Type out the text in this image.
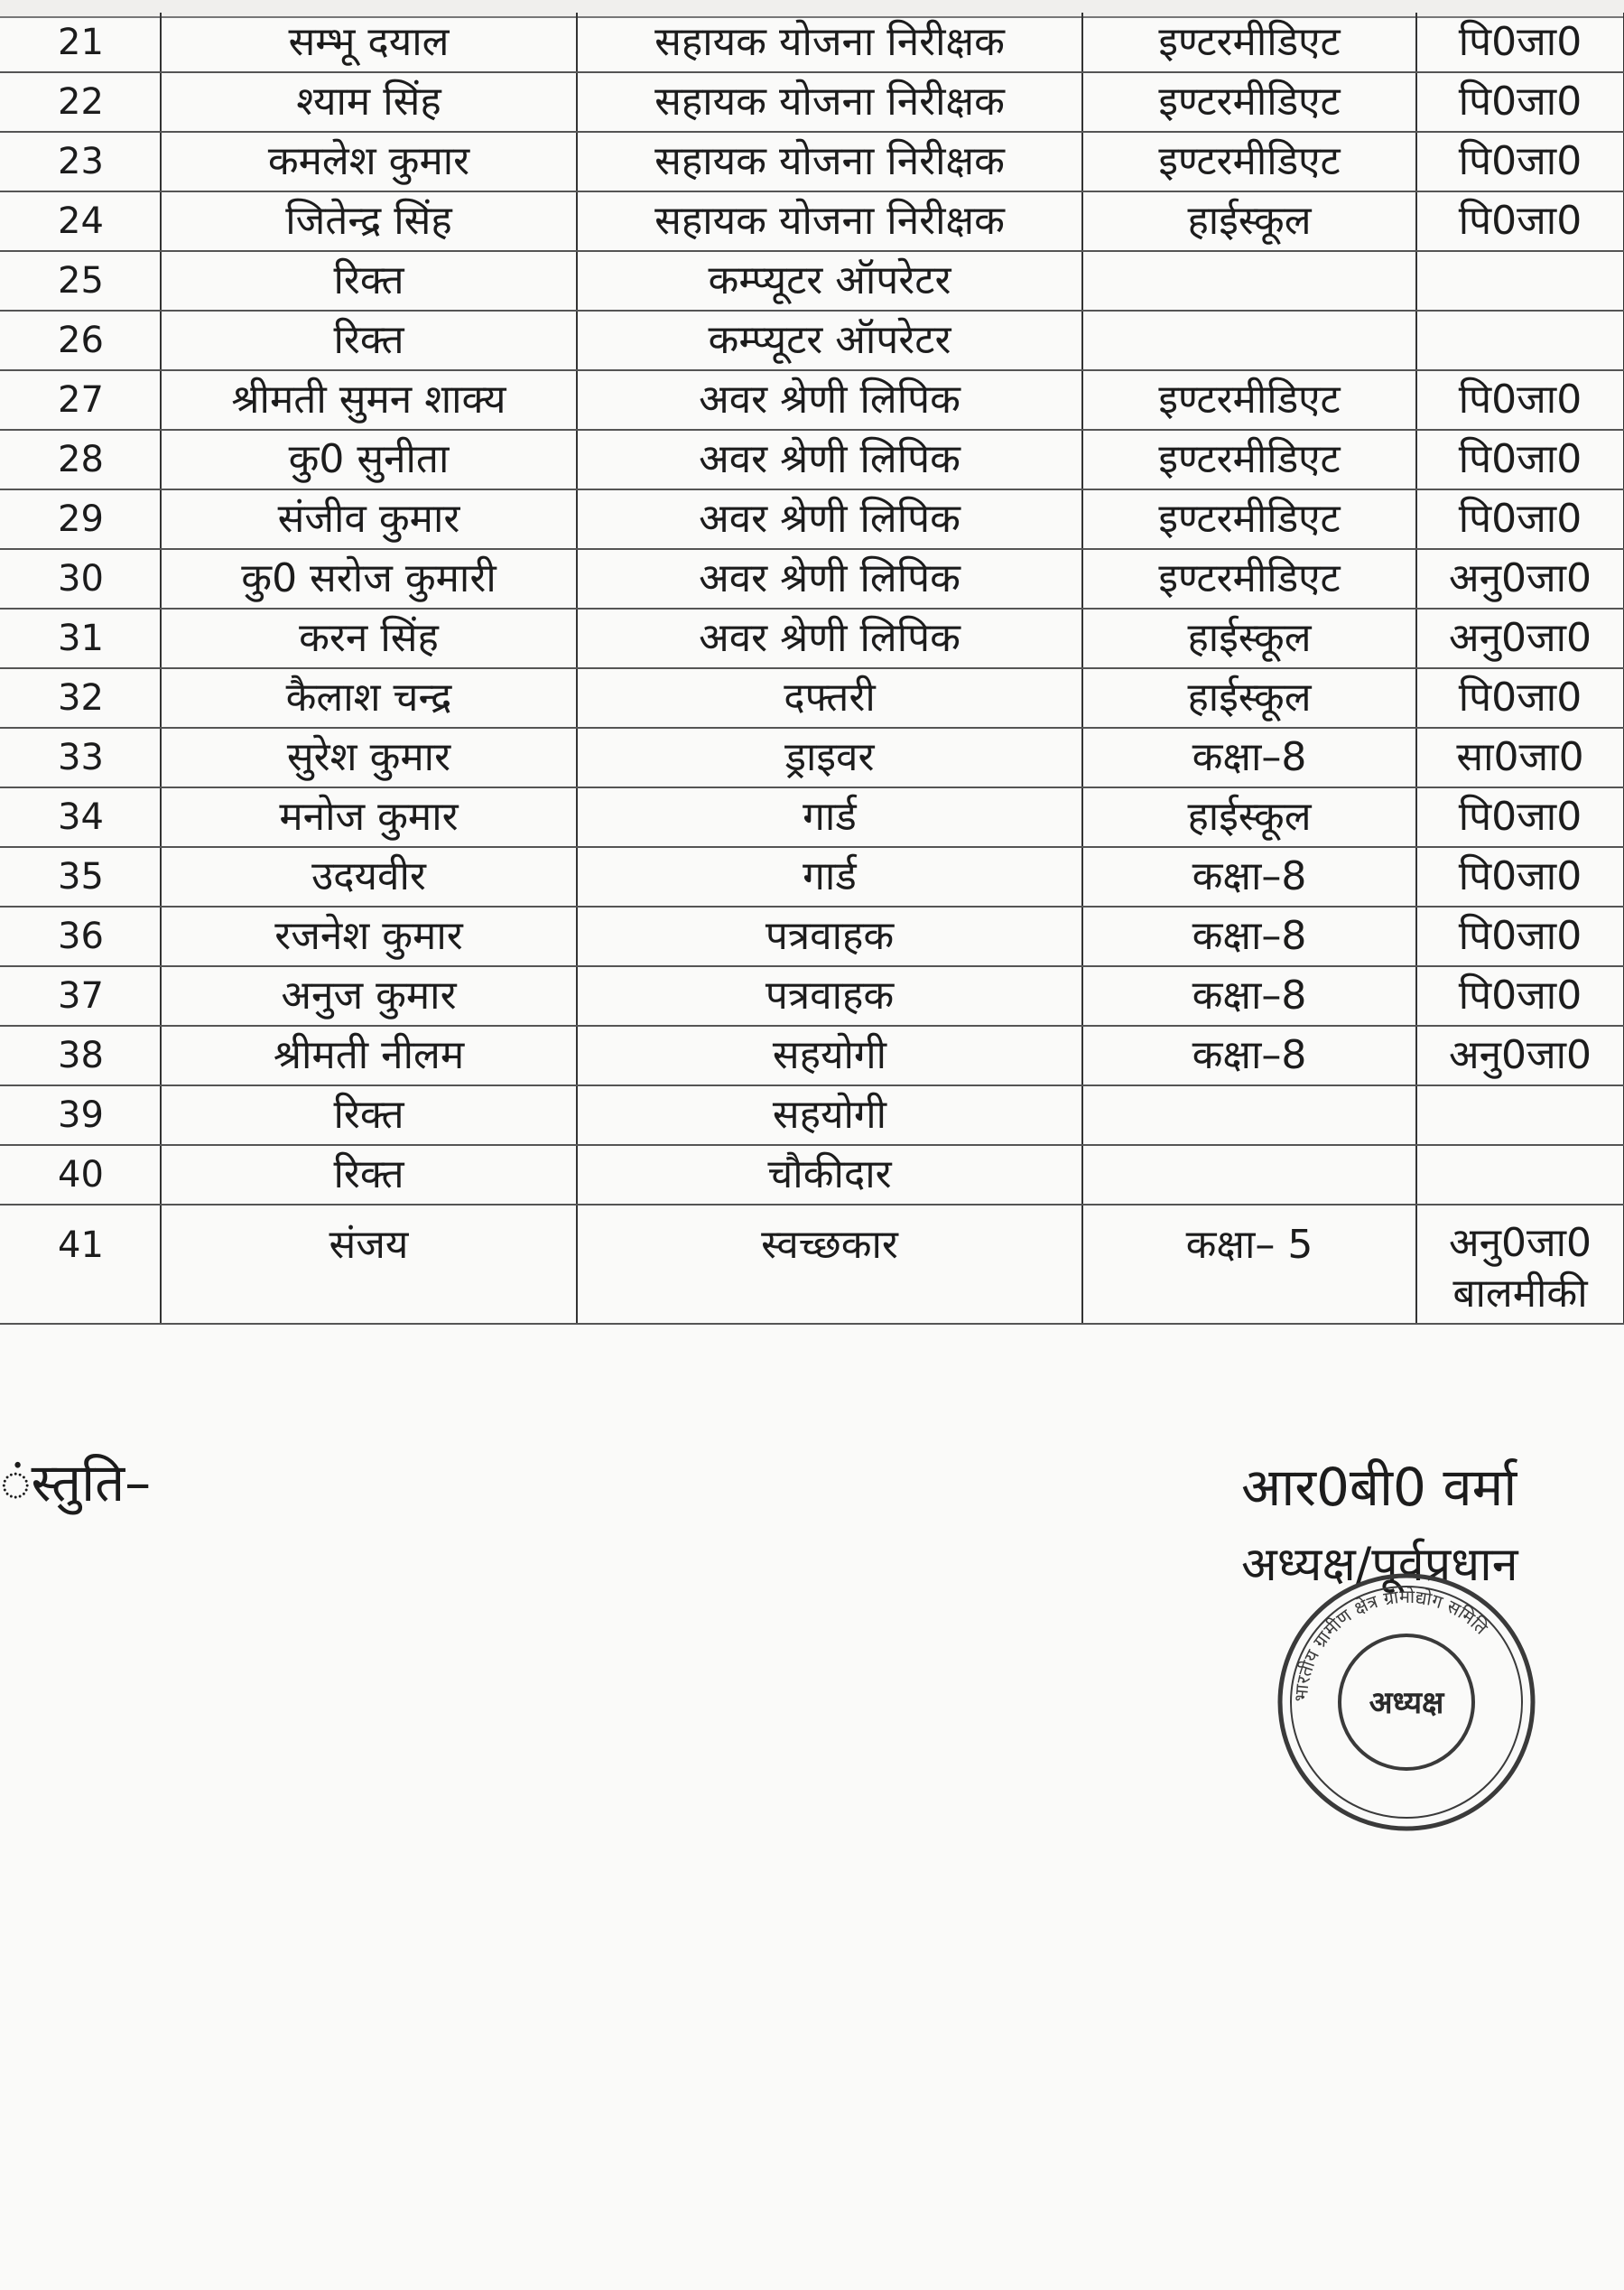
21	सम्भू दयाल	सहायक योजना निरीक्षक	इण्टरमीडिएट	पि0जा0

22	श्याम सिंह	सहायक योजना निरीक्षक	इण्टरमीडिएट	पि0जा0

23	कमलेश कुमार	सहायक योजना निरीक्षक	इण्टरमीडिएट	पि0जा0

24	जितेन्द्र सिंह	सहायक योजना निरीक्षक	हाईस्कूल	पि0जा0

25	रिक्त	कम्प्यूटर ऑपरेटर		

26	रिक्त	कम्प्यूटर ऑपरेटर		

27	श्रीमती सुमन शाक्य	अवर श्रेणी लिपिक	इण्टरमीडिएट	पि0जा0

28	कु0 सुनीता	अवर श्रेणी लिपिक	इण्टरमीडिएट	पि0जा0

29	संजीव कुमार	अवर श्रेणी लिपिक	इण्टरमीडिएट	पि0जा0

30	कु0 सरोज कुमारी	अवर श्रेणी लिपिक	इण्टरमीडिएट	अनु0जा0

31	करन सिंह	अवर श्रेणी लिपिक	हाईस्कूल	अनु0जा0

32	कैलाश चन्द्र	दफ्तरी	हाईस्कूल	पि0जा0

33	सुरेश कुमार	ड्राइवर	कक्षा–8	सा0जा0

34	मनोज कुमार	गार्ड	हाईस्कूल	पि0जा0

35	उदयवीर	गार्ड	कक्षा–8	पि0जा0

36	रजनेश कुमार	पत्रवाहक	कक्षा–8	पि0जा0

37	अनुज कुमार	पत्रवाहक	कक्षा–8	पि0जा0

38	श्रीमती नीलम	सहयोगी	कक्षा–8	अनु0जा0

39	रिक्त	सहयोगी		

40	रिक्त	चौकीदार		

41	संजय	स्वच्छकार	कक्षा– 5	अनु0जा0
बालमीकी
ंस्तुति–	आर0बी0 वर्मा
अध्यक्ष/पूर्वप्रधान
भारतीय ग्रामीण क्षेत्र ग्रामोद्योग समिति
अध्यक्ष
